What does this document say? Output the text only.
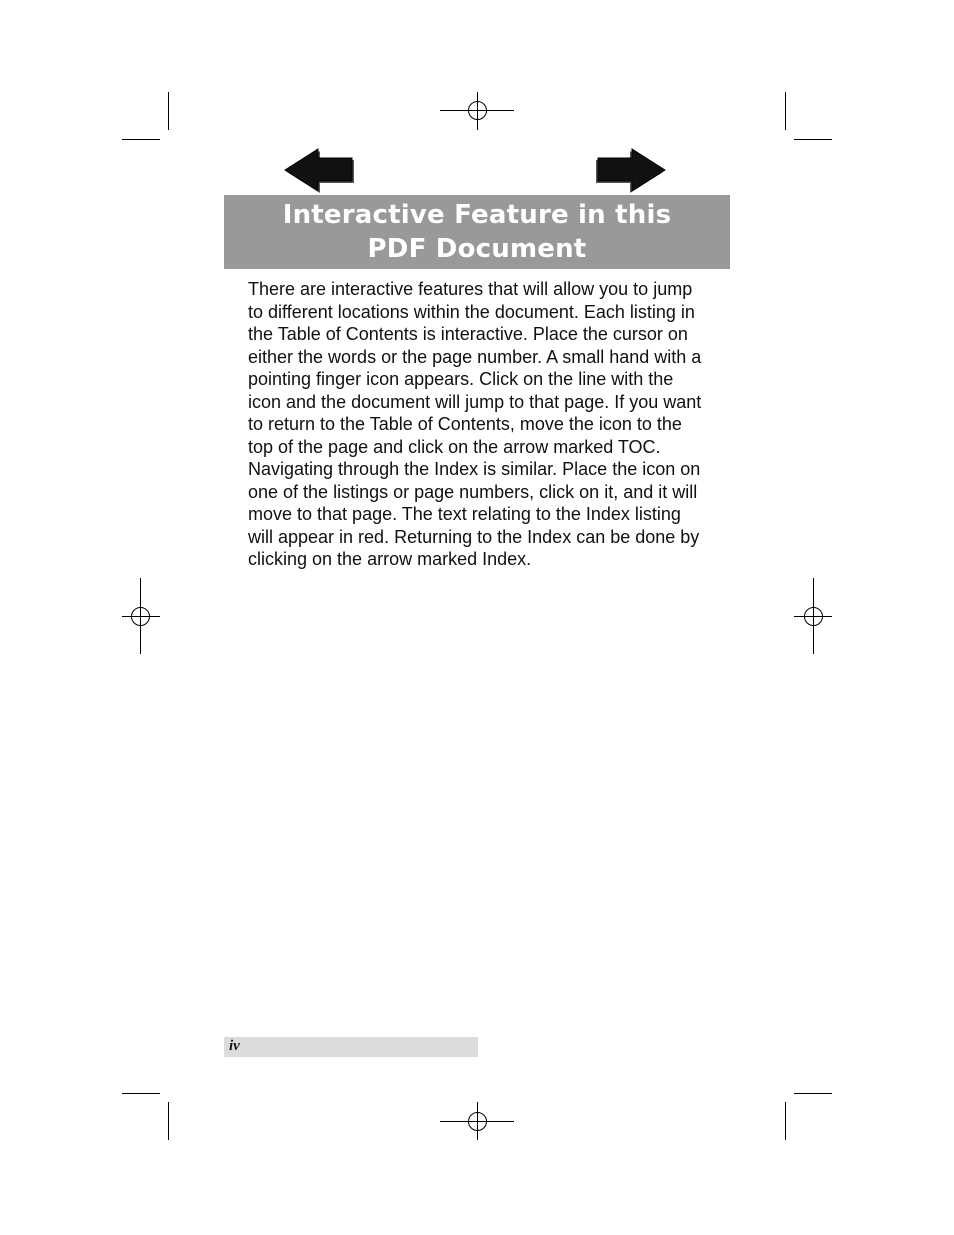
Interactive Feature in this
PDF Document

There are interactive features that will allow you to jump to different locations within the document. Each listing in the Table of Contents is interactive. Place the cursor on either the words or the page number. A small hand with a pointing finger icon appears. Click on the line with the icon and the document will jump to that page. If you want to return to the Table of Contents, move the icon to the top of the page and click on the arrow marked TOC. Navigating through the Index is similar. Place the icon on one of the listings or page numbers, click on it, and it will move to that page. The text relating to the Index listing will appear in red. Returning to the Index can be done by clicking on the arrow marked Index.

iv
